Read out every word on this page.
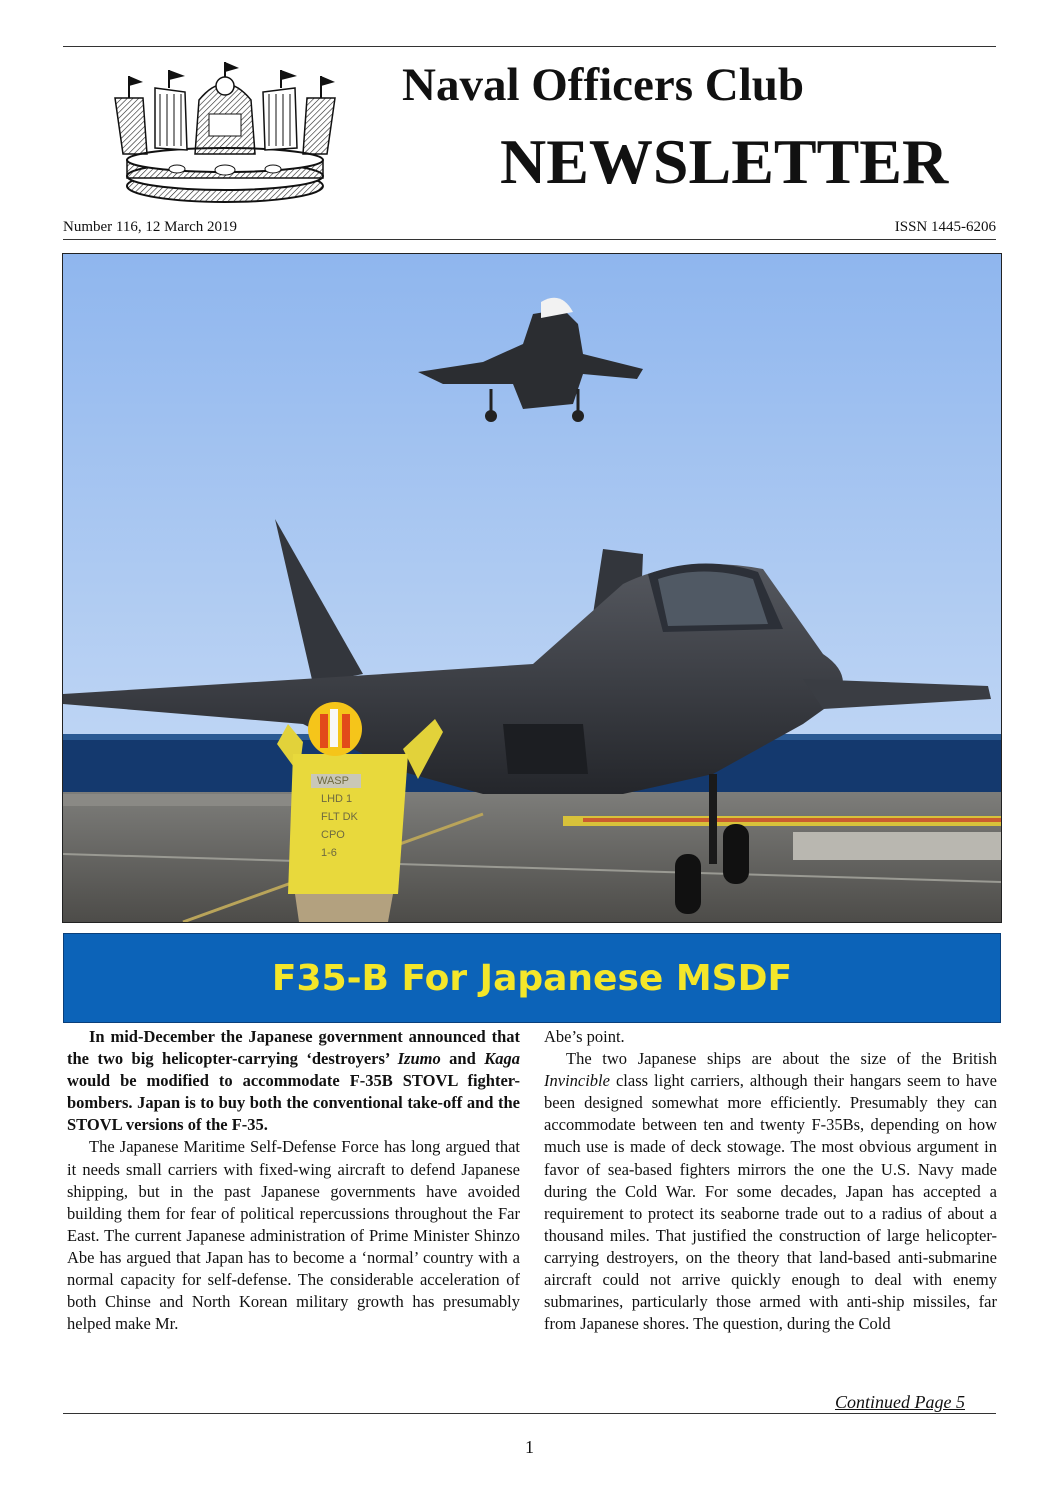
Naval Officers Club
NEWSLETTER
Number 116, 12 March 2019	ISSN 1445-6206
WASP
LHD 1
FLT DK
CPO
1-6
F35-B For Japanese MSDF

In mid-December the Japanese government announced that the two big helicopter-carrying ‘destroyers’ Izumo and Kaga would be modified to accommodate F-35B STOVL fighter-bombers. Japan is to buy both the conventional take-off and the STOVL versions of the F-35.

The Japanese Maritime Self-Defense Force has long argued that it needs small carriers with fixed-wing aircraft to defend Japanese shipping, but in the past Japanese governments have avoided building them for fear of political repercussions throughout the Far East. The current Japanese administration of Prime Minister Shinzo Abe has argued that Japan has to become a ‘normal’ country with a normal capacity for self-defense. The considerable acceleration of both Chinse and North Korean military growth has presumably helped make Mr.

Abe’s point.

The two Japanese ships are about the size of the British Invincible class light carriers, although their hangars seem to have been designed somewhat more efficiently. Presumably they can accommodate between ten and twenty F-35Bs, depending on how much use is made of deck stowage. The most obvious argument in favor of sea-based fighters mirrors the one the U.S. Navy made during the Cold War. For some decades, Japan has accepted a requirement to protect its seaborne trade out to a radius of about a thousand miles. That justified the construction of large helicopter-carrying destroyers, on the theory that land-based anti-submarine aircraft could not arrive quickly enough to deal with enemy submarines, particularly those armed with anti-ship missiles, far from Japanese shores. The question, during the Cold

Continued Page 5
1
